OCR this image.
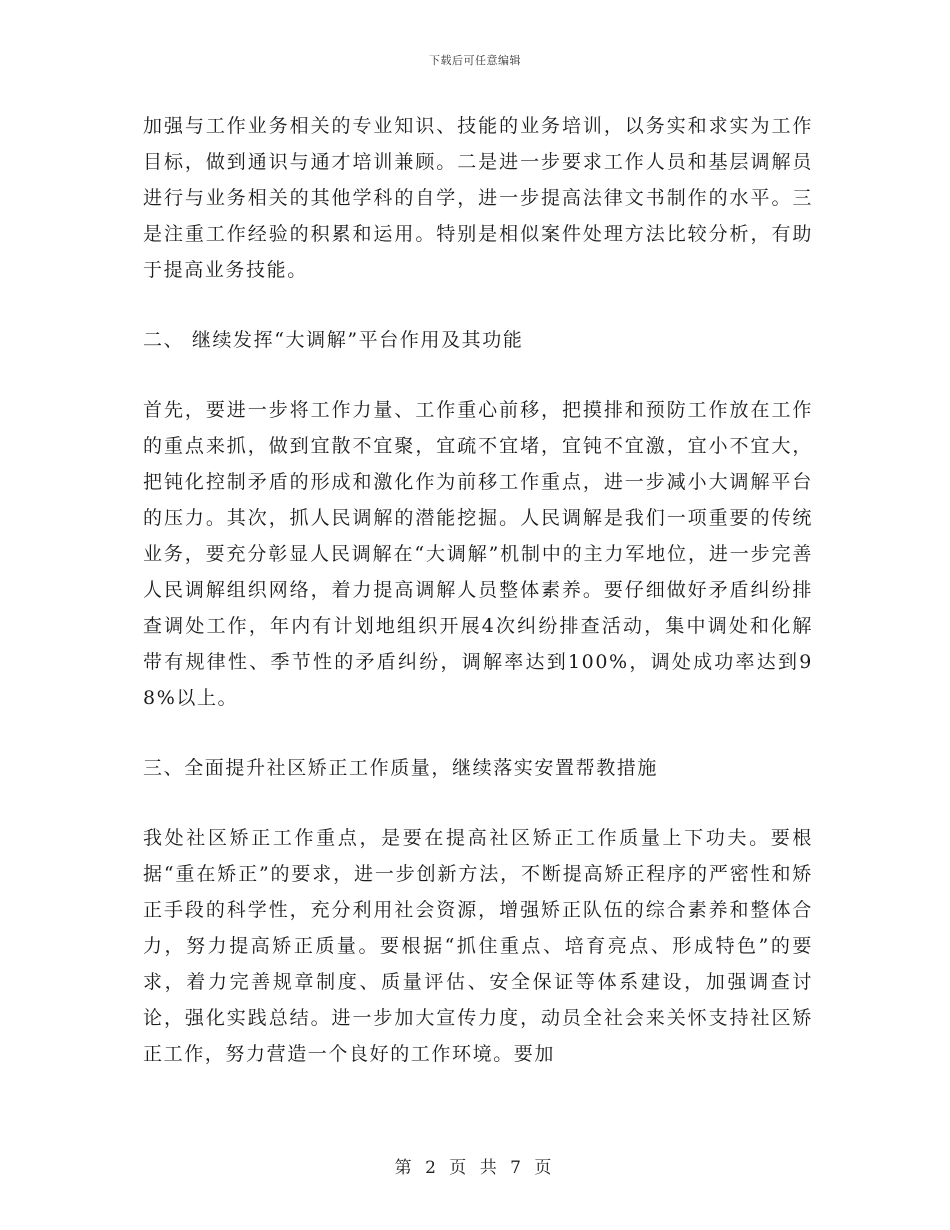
下载后可任意编辑

加强与工作业务相关的专业知识、技能的业务培训，以务实和求实为工作目标，做到通识与通才培训兼顾。二是进一步要求工作人员和基层调解员进行与业务相关的其他学科的自学，进一步提高法律文书制作的水平。三是注重工作经验的积累和运用。特别是相似案件处理方法比较分析，有助于提高业务技能。

二、 继续发挥“大调解”平台作用及其功能

首先，要进一步将工作力量、工作重心前移，把摸排和预防工作放在工作的重点来抓，做到宜散不宜聚，宜疏不宜堵，宜钝不宜激，宜小不宜大，把钝化控制矛盾的形成和激化作为前移工作重点，进一步减小大调解平台的压力。其次，抓人民调解的潜能挖掘。人民调解是我们一项重要的传统业务，要充分彰显人民调解在“大调解”机制中的主力军地位，进一步完善人民调解组织网络，着力提高调解人员整体素养。要仔细做好矛盾纠纷排查调处工作，年内有计划地组织开展4次纠纷排查活动，集中调处和化解带有规律性、季节性的矛盾纠纷，调解率达到100%，调处成功率达到98%以上。

三、全面提升社区矫正工作质量，继续落实安置帮教措施

我处社区矫正工作重点，是要在提高社区矫正工作质量上下功夫。要根据“重在矫正”的要求，进一步创新方法，不断提高矫正程序的严密性和矫正手段的科学性，充分利用社会资源，增强矫正队伍的综合素养和整体合力，努力提高矫正质量。要根据“抓住重点、培育亮点、形成特色”的要求，着力完善规章制度、质量评估、安全保证等体系建设，加强调查讨论，强化实践总结。进一步加大宣传力度，动员全社会来关怀支持社区矫正工作，努力营造一个良好的工作环境。要加

第 2 页 共 7 页
